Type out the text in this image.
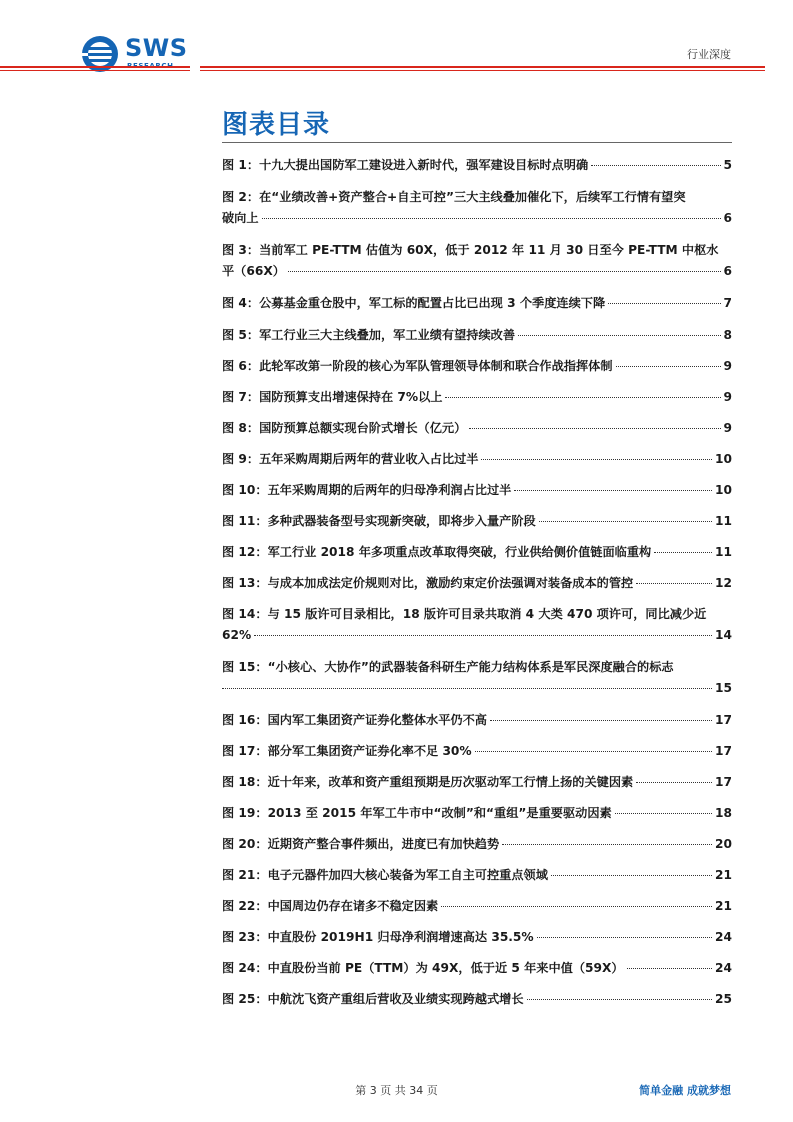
SWS	行业深度
图表目录
图 1：十九大提出国防军工建设进入新时代，强军建设目标时点明确	5
图 2：在“业绩改善+资产整合+自主可控”三大主线叠加催化下，后续军工行情有望突
破向上	6
图 3：当前军工 PE-TTM 估值为 60X，低于 2012 年 11 月 30 日至今 PE-TTM 中枢水
平（66X）	6
图 4：公募基金重仓股中，军工标的配置占比已出现 3 个季度连续下降	7
图 5：军工行业三大主线叠加，军工业绩有望持续改善	8
图 6：此轮军改第一阶段的核心为军队管理领导体制和联合作战指挥体制	9
图 7：国防预算支出增速保持在 7%以上	9
图 8：国防预算总额实现台阶式增长（亿元）	9
图 9：五年采购周期后两年的营业收入占比过半	10
图 10：五年采购周期的后两年的归母净利润占比过半	10
图 11：多种武器装备型号实现新突破，即将步入量产阶段	11
图 12：军工行业 2018 年多项重点改革取得突破，行业供给侧价值链面临重构	11
图 13：与成本加成法定价规则对比，激励约束定价法强调对装备成本的管控	12
图 14：与 15 版许可目录相比，18 版许可目录共取消 4 大类 470 项许可，同比减少近
62%	14
图 15：“小核心、大协作”的武器装备科研生产能力结构体系是军民深度融合的标志
15
图 16：国内军工集团资产证券化整体水平仍不高	17
图 17：部分军工集团资产证券化率不足 30%	17
图 18：近十年来，改革和资产重组预期是历次驱动军工行情上扬的关键因素	17
图 19：2013 至 2015 年军工牛市中“改制”和“重组”是重要驱动因素	18
图 20：近期资产整合事件频出，进度已有加快趋势	20
图 21：电子元器件加四大核心装备为军工自主可控重点领域	21
图 22：中国周边仍存在诸多不稳定因素	21
图 23：中直股份 2019H1 归母净利润增速高达 35.5%	24
图 24：中直股份当前 PE（TTM）为 49X，低于近 5 年来中值（59X）	24
图 25：中航沈飞资产重组后营收及业绩实现跨越式增长	25
第 3 页 共 34 页	简单金融 成就梦想
